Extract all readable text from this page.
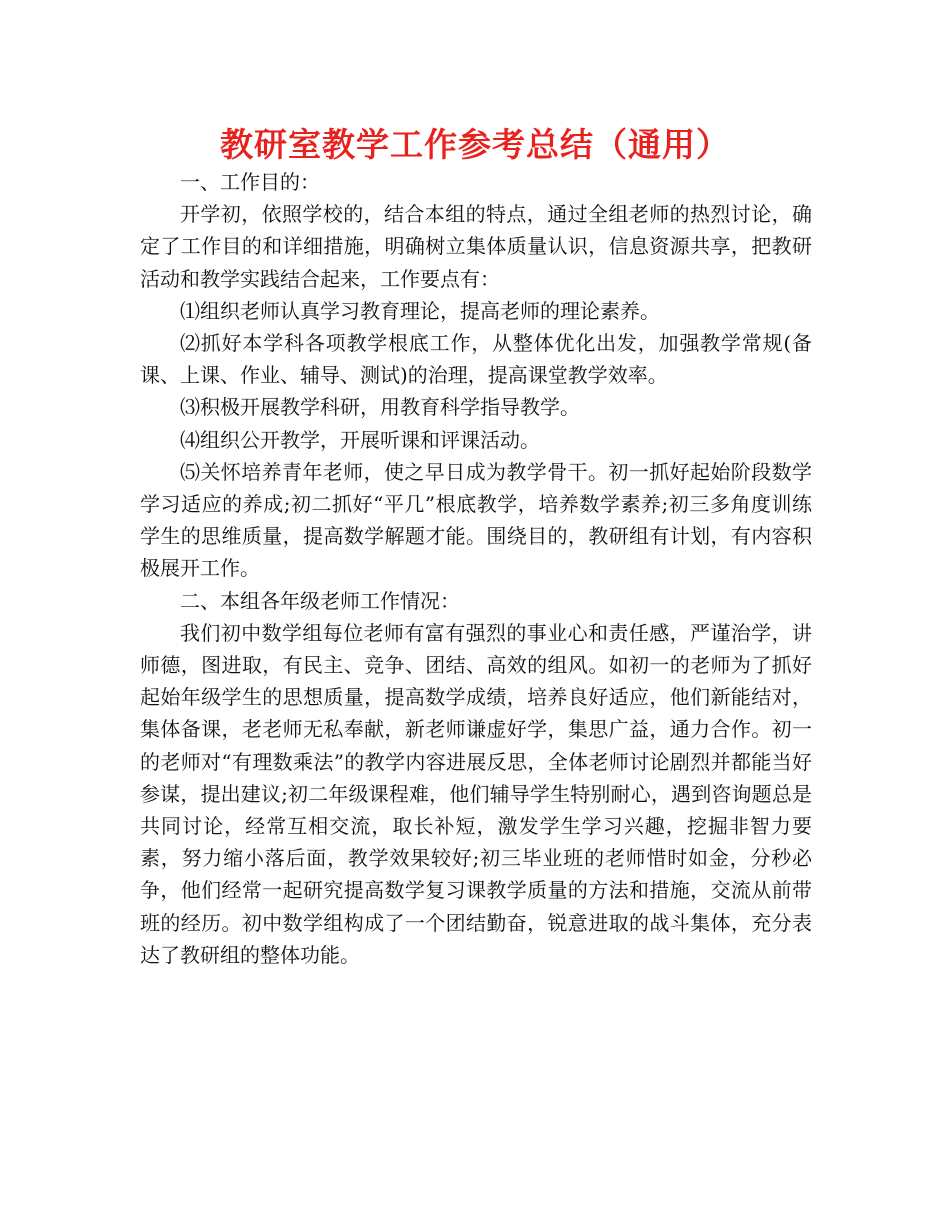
教研室教学工作参考总结（通用）

一、工作目的：

开学初，依照学校的，结合本组的特点，通过全组老师的热烈讨论，确定了工作目的和详细措施，明确树立集体质量认识，信息资源共享，把教研活动和教学实践结合起来，工作要点有：

⑴组织老师认真学习教育理论，提高老师的理论素养。

⑵抓好本学科各项教学根底工作，从整体优化出发，加强教学常规(备课、上课、作业、辅导、测试)的治理，提高课堂教学效率。

⑶积极开展教学科研，用教育科学指导教学。

⑷组织公开教学，开展听课和评课活动。

⑸关怀培养青年老师，使之早日成为教学骨干。初一抓好起始阶段数学学习适应的养成;初二抓好“平几”根底教学，培养数学素养;初三多角度训练学生的思维质量，提高数学解题才能。围绕目的，教研组有计划，有内容积极展开工作。

二、本组各年级老师工作情况：

我们初中数学组每位老师有富有强烈的事业心和责任感，严谨治学，讲师德，图进取，有民主、竞争、团结、高效的组风。如初一的老师为了抓好起始年级学生的思想质量，提高数学成绩，培养良好适应，他们新能结对，集体备课，老老师无私奉献，新老师谦虚好学，集思广益，通力合作。初一的老师对“有理数乘法”的教学内容进展反思，全体老师讨论剧烈并都能当好参谋，提出建议;初二年级课程难，他们辅导学生特别耐心，遇到咨询题总是共同讨论，经常互相交流，取长补短，激发学生学习兴趣，挖掘非智力要素，努力缩小落后面，教学效果较好;初三毕业班的老师惜时如金，分秒必争，他们经常一起研究提高数学复习课教学质量的方法和措施，交流从前带班的经历。初中数学组构成了一个团结勤奋，锐意进取的战斗集体，充分表达了教研组的整体功能。
